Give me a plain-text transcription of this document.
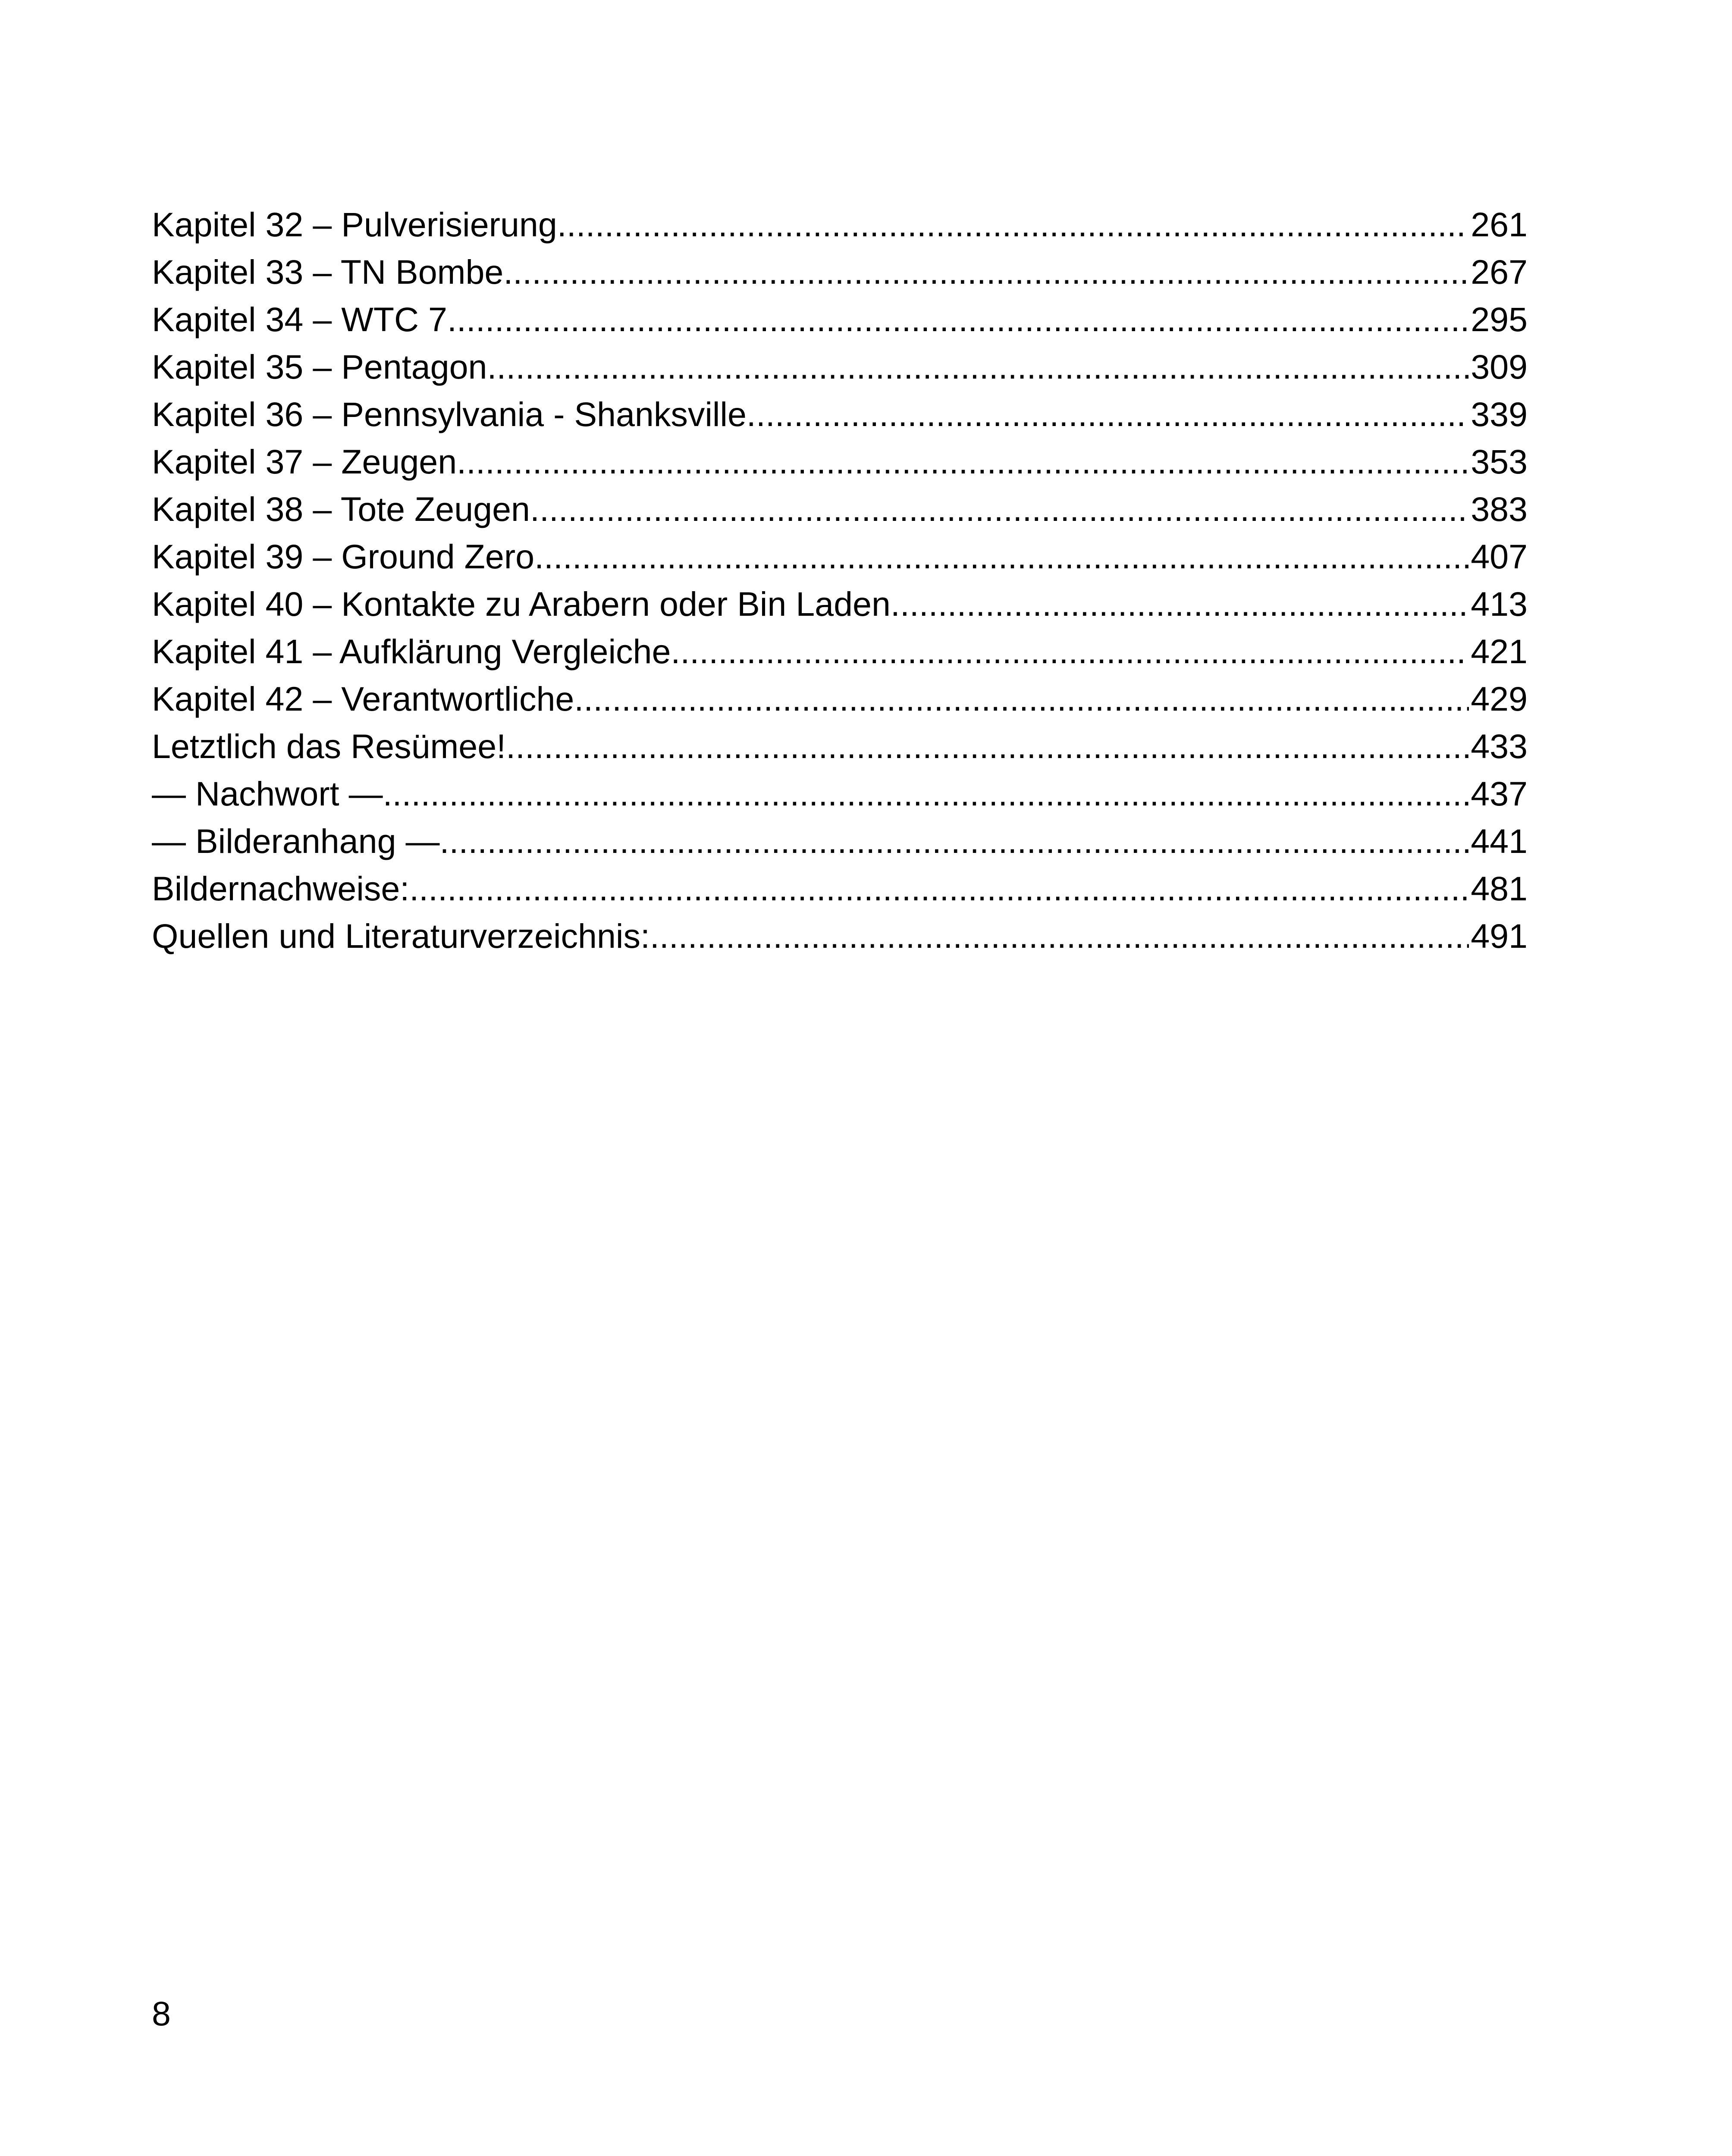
Kapitel 32 – Pulverisierung .....	261
Kapitel 33 – TN Bombe .....	267
Kapitel 34 – WTC 7 .....	295
Kapitel 35 – Pentagon .....	309
Kapitel 36 – Pennsylvania - Shanksville .....	339
Kapitel 37 – Zeugen .....	353
Kapitel 38 – Tote Zeugen .....	383
Kapitel 39 – Ground Zero .....	407
Kapitel 40 – Kontakte zu Arabern oder Bin Laden .....	413
Kapitel 41 – Aufklärung Vergleiche .....	421
Kapitel 42 – Verantwortliche .....	429
Letztlich das Resümee! .....	433
— Nachwort — .....	437
— Bilderanhang — .....	441
Bildernachweise: .....	481
Quellen und Literaturverzeichnis: .....	491
8
